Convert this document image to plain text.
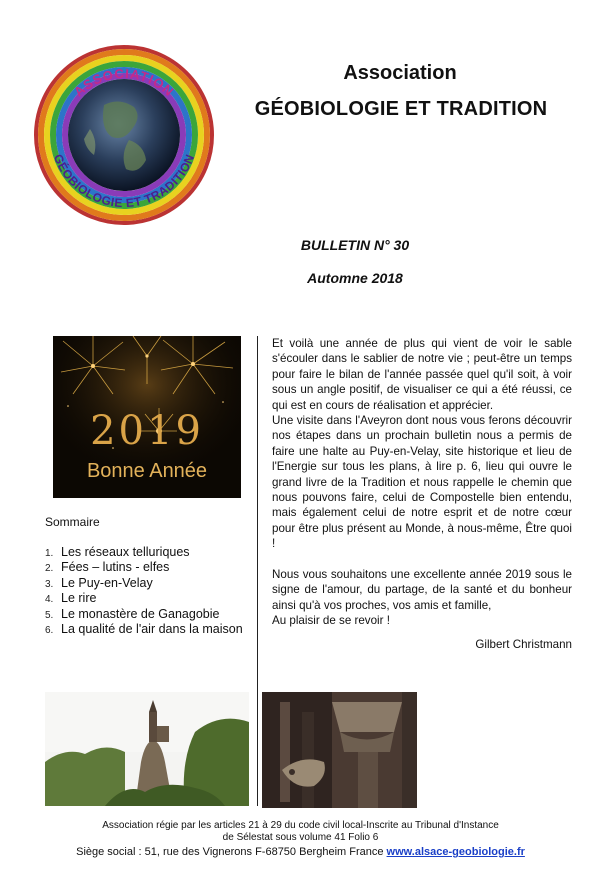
ASSOCIATION
GÉOBIOLOGIE ET TRADITION
Association
GÉOBIOLOGIE ET TRADITION
BULLETIN N° 30
Automne 2018
2019
Bonne Année
Sommaire
1. Les réseaux telluriques
2. Fées – lutins - elfes
3. Le Puy-en-Velay
4. Le rire
5. Le monastère de Ganagobie
6. La qualité de l'air dans la maison

Et voilà une année de plus qui vient de voir le sable s'écouler dans le sablier de notre vie ; peut-être un temps pour faire le bilan de l'année passée quel qu'il soit, à voir sous un angle positif, de visualiser ce qui a été réussi, ce qui est en cours de réalisation et apprécier.

Une visite dans l'Aveyron dont nous vous ferons découvrir nos étapes dans un prochain bulletin nous a permis de faire une halte au Puy-en-Velay, site historique et lieu de l'Energie sur tous les plans, à lire p. 6, lieu qui ouvre le grand livre de la Tradition et nous rappelle le chemin que nous pouvons faire, celui de Compostelle bien entendu, mais également celui de notre esprit et de notre cœur pour être plus présent au Monde, à nous-même, Être quoi !

Nous vous souhaitons une excellente année 2019 sous le signe de l'amour, du partage, de la santé et du bonheur ainsi qu'à vos proches, vos amis et famille,

Au plaisir de se revoir !

Gilbert Christmann

Association régie par les articles 21 à 29 du code civil local-Inscrite au Tribunal d'Instance
de Sélestat sous volume 41 Folio 6
Siège social : 51, rue des Vignerons F-68750 Bergheim France www.alsace-geobiologie.fr
